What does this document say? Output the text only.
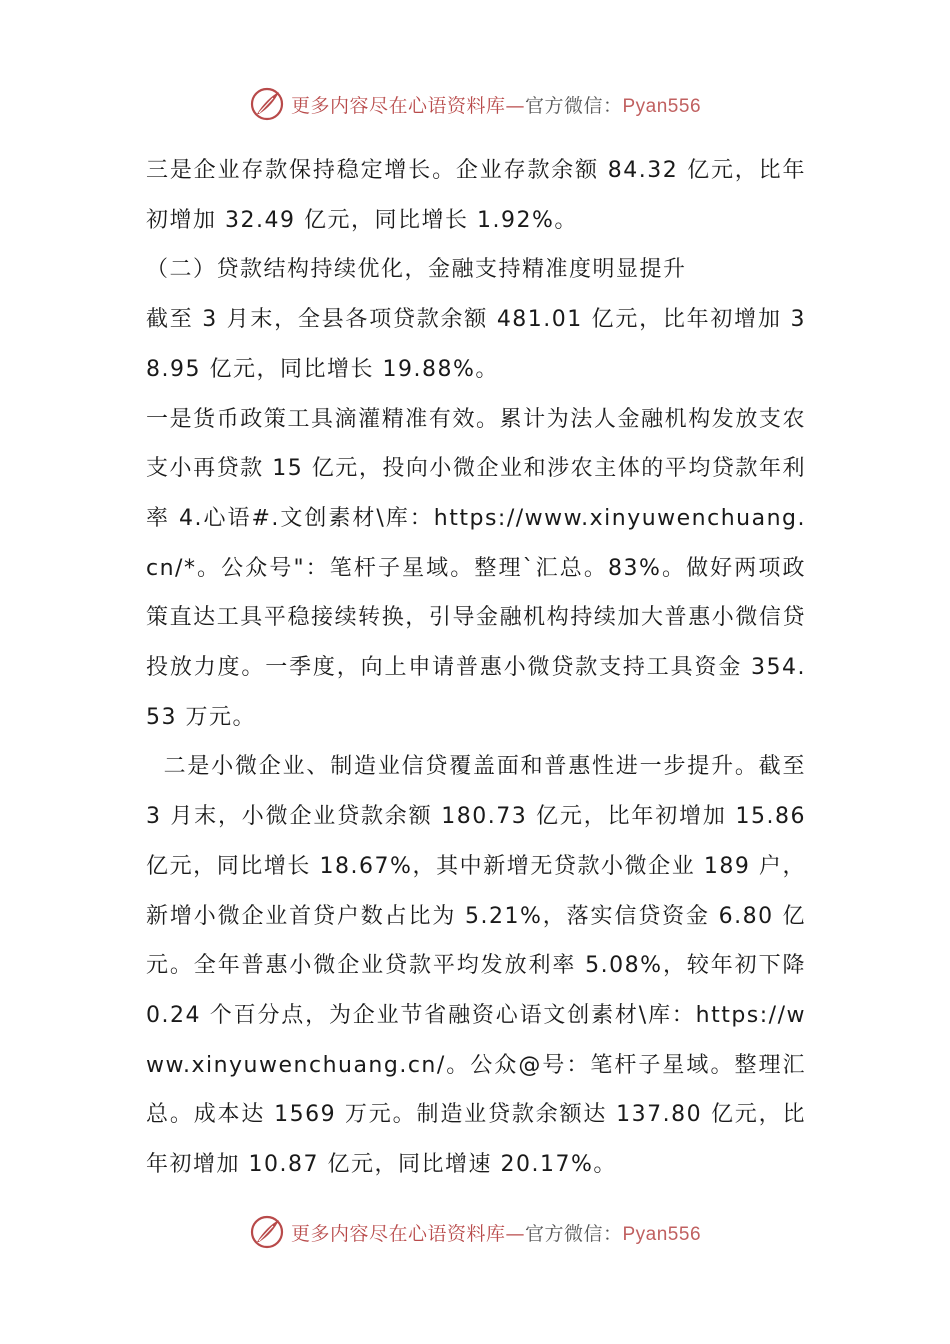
更多内容尽在心语资料库—官方微信：Pyan556

三是企业存款保持稳定增长。企业存款余额 84.32 亿元，比年初增加 32.49 亿元，同比增长 1.92%。

（二）贷款结构持续优化，金融支持精准度明显提升

截至 3 月末，全县各项贷款余额 481.01 亿元，比年初增加 38.95 亿元，同比增长 19.88%。

一是货币政策工具滴灌精准有效。累计为法人金融机构发放支农支小再贷款 15 亿元，投向小微企业和涉农主体的平均贷款年利率 4.心语#.文创素材\库：https://www.xinyuwenchuang.cn/*。公众号"：笔杆子星域。整理`汇总。83%。做好两项政策直达工具平稳接续转换，引导金融机构持续加大普惠小微信贷投放力度。一季度，向上申请普惠小微贷款支持工具资金 354.53 万元。

二是小微企业、制造业信贷覆盖面和普惠性进一步提升。截至 3 月末，小微企业贷款余额 180.73 亿元，比年初增加 15.86 亿元，同比增长 18.67%，其中新增无贷款小微企业 189 户，新增小微企业首贷户数占比为 5.21%，落实信贷资金 6.80 亿元。全年普惠小微企业贷款平均发放利率 5.08%，较年初下降 0.24 个百分点，为企业节省融资心语文创素材\库：https://www.xinyuwenchuang.cn/。公众@号：笔杆子星域。整理汇总。成本达 1569 万元。制造业贷款余额达 137.80 亿元，比年初增加 10.87 亿元，同比增速 20.17%。

更多内容尽在心语资料库—官方微信：Pyan556
